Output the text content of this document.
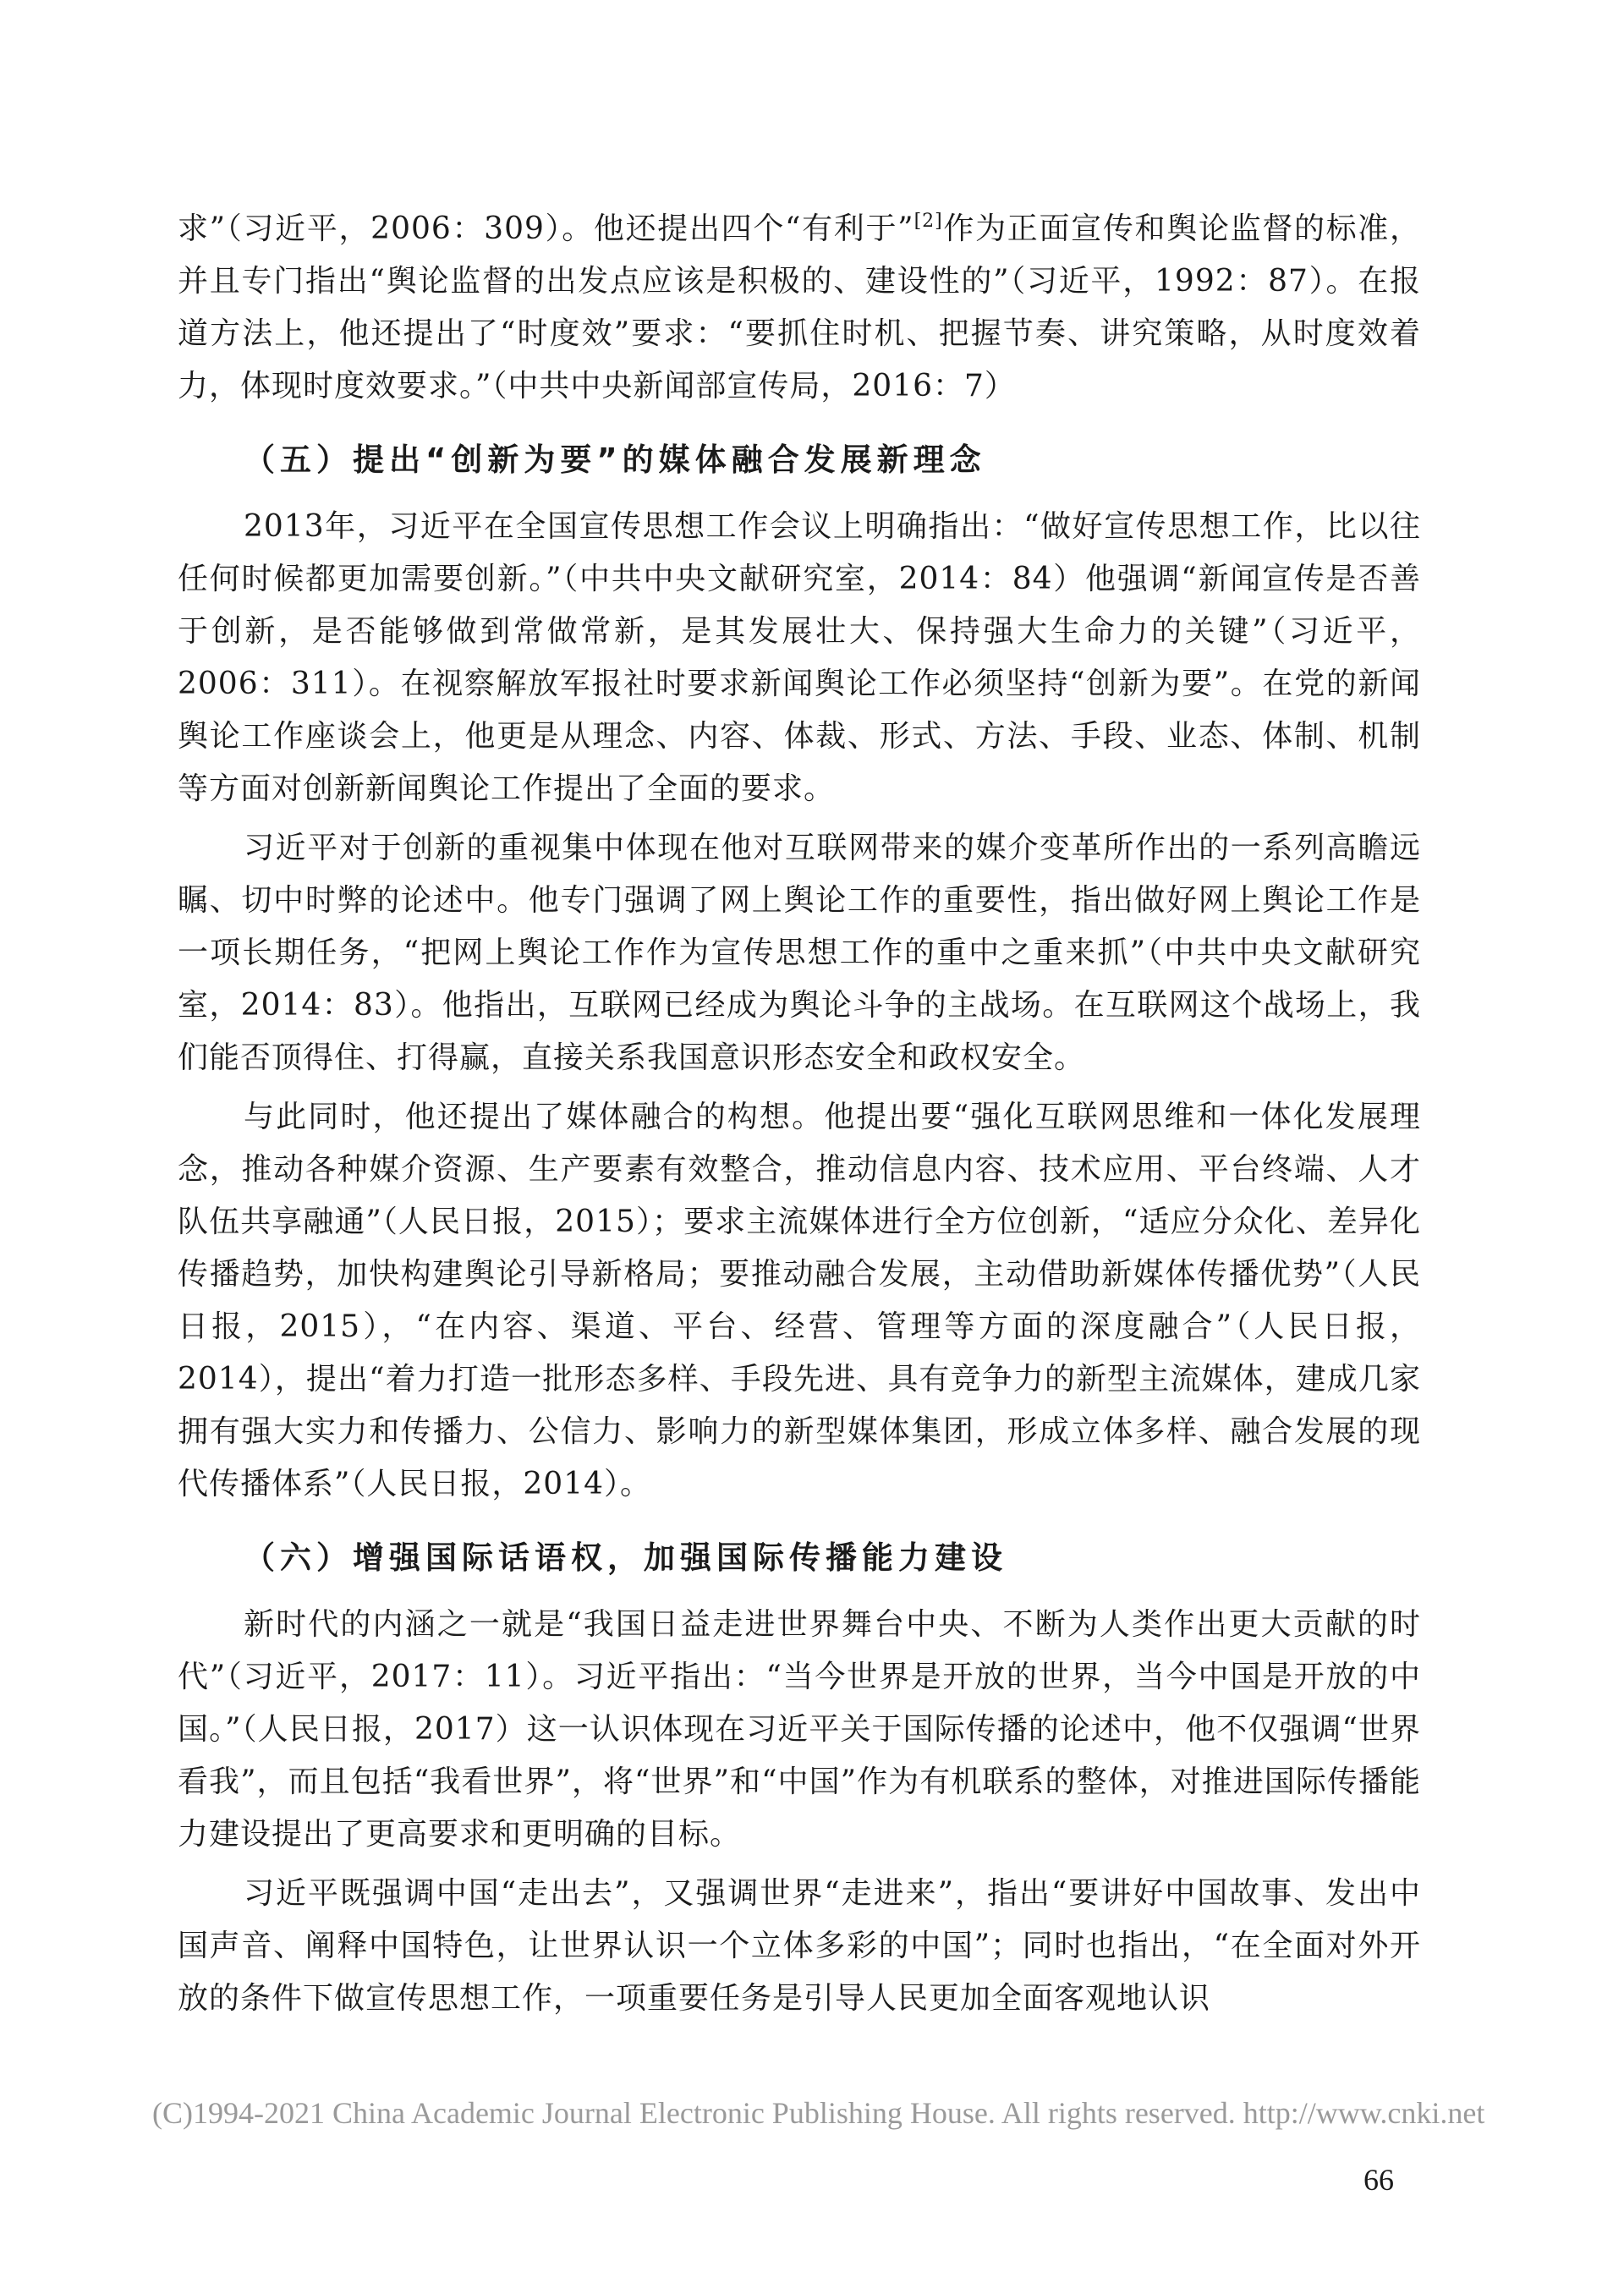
求”（习近平，2006：309）。他还提出四个“有利于”[2]作为正面宣传和舆论监督的标准，并且专门指出“舆论监督的出发点应该是积极的、建设性的”（习近平，1992：87）。在报道方法上，他还提出了“时度效”要求：“要抓住时机、把握节奏、讲究策略，从时度效着力，体现时度效要求。”（中共中央新闻部宣传局，2016：7）

（五）提出“创新为要”的媒体融合发展新理念

2013年，习近平在全国宣传思想工作会议上明确指出：“做好宣传思想工作，比以往任何时候都更加需要创新。”（中共中央文献研究室，2014：84）他强调“新闻宣传是否善于创新，是否能够做到常做常新，是其发展壮大、保持强大生命力的关键”（习近平，2006：311）。在视察解放军报社时要求新闻舆论工作必须坚持“创新为要”。在党的新闻舆论工作座谈会上，他更是从理念、内容、体裁、形式、方法、手段、业态、体制、机制等方面对创新新闻舆论工作提出了全面的要求。

习近平对于创新的重视集中体现在他对互联网带来的媒介变革所作出的一系列高瞻远瞩、切中时弊的论述中。他专门强调了网上舆论工作的重要性，指出做好网上舆论工作是一项长期任务，“把网上舆论工作作为宣传思想工作的重中之重来抓”（中共中央文献研究室，2014：83）。他指出，互联网已经成为舆论斗争的主战场。在互联网这个战场上，我们能否顶得住、打得赢，直接关系我国意识形态安全和政权安全。

与此同时，他还提出了媒体融合的构想。他提出要“强化互联网思维和一体化发展理念，推动各种媒介资源、生产要素有效整合，推动信息内容、技术应用、平台终端、人才队伍共享融通”（人民日报，2015）；要求主流媒体进行全方位创新，“适应分众化、差异化传播趋势，加快构建舆论引导新格局；要推动融合发展，主动借助新媒体传播优势”（人民日报，2015），“在内容、渠道、平台、经营、管理等方面的深度融合”（人民日报，2014），提出“着力打造一批形态多样、手段先进、具有竞争力的新型主流媒体，建成几家拥有强大实力和传播力、公信力、影响力的新型媒体集团，形成立体多样、融合发展的现代传播体系”（人民日报，2014）。

（六）增强国际话语权，加强国际传播能力建设

新时代的内涵之一就是“我国日益走进世界舞台中央、不断为人类作出更大贡献的时代”（习近平，2017：11）。习近平指出：“当今世界是开放的世界，当今中国是开放的中国。”（人民日报，2017）这一认识体现在习近平关于国际传播的论述中，他不仅强调“世界看我”，而且包括“我看世界”，将“世界”和“中国”作为有机联系的整体，对推进国际传播能力建设提出了更高要求和更明确的目标。

习近平既强调中国“走出去”，又强调世界“走进来”，指出“要讲好中国故事、发出中国声音、阐释中国特色，让世界认识一个立体多彩的中国”；同时也指出，“在全面对外开放的条件下做宣传思想工作，一项重要任务是引导人民更加全面客观地认识

(C)1994-2021 China Academic Journal Electronic Publishing House. All rights reserved. http://www.cnki.net
66
